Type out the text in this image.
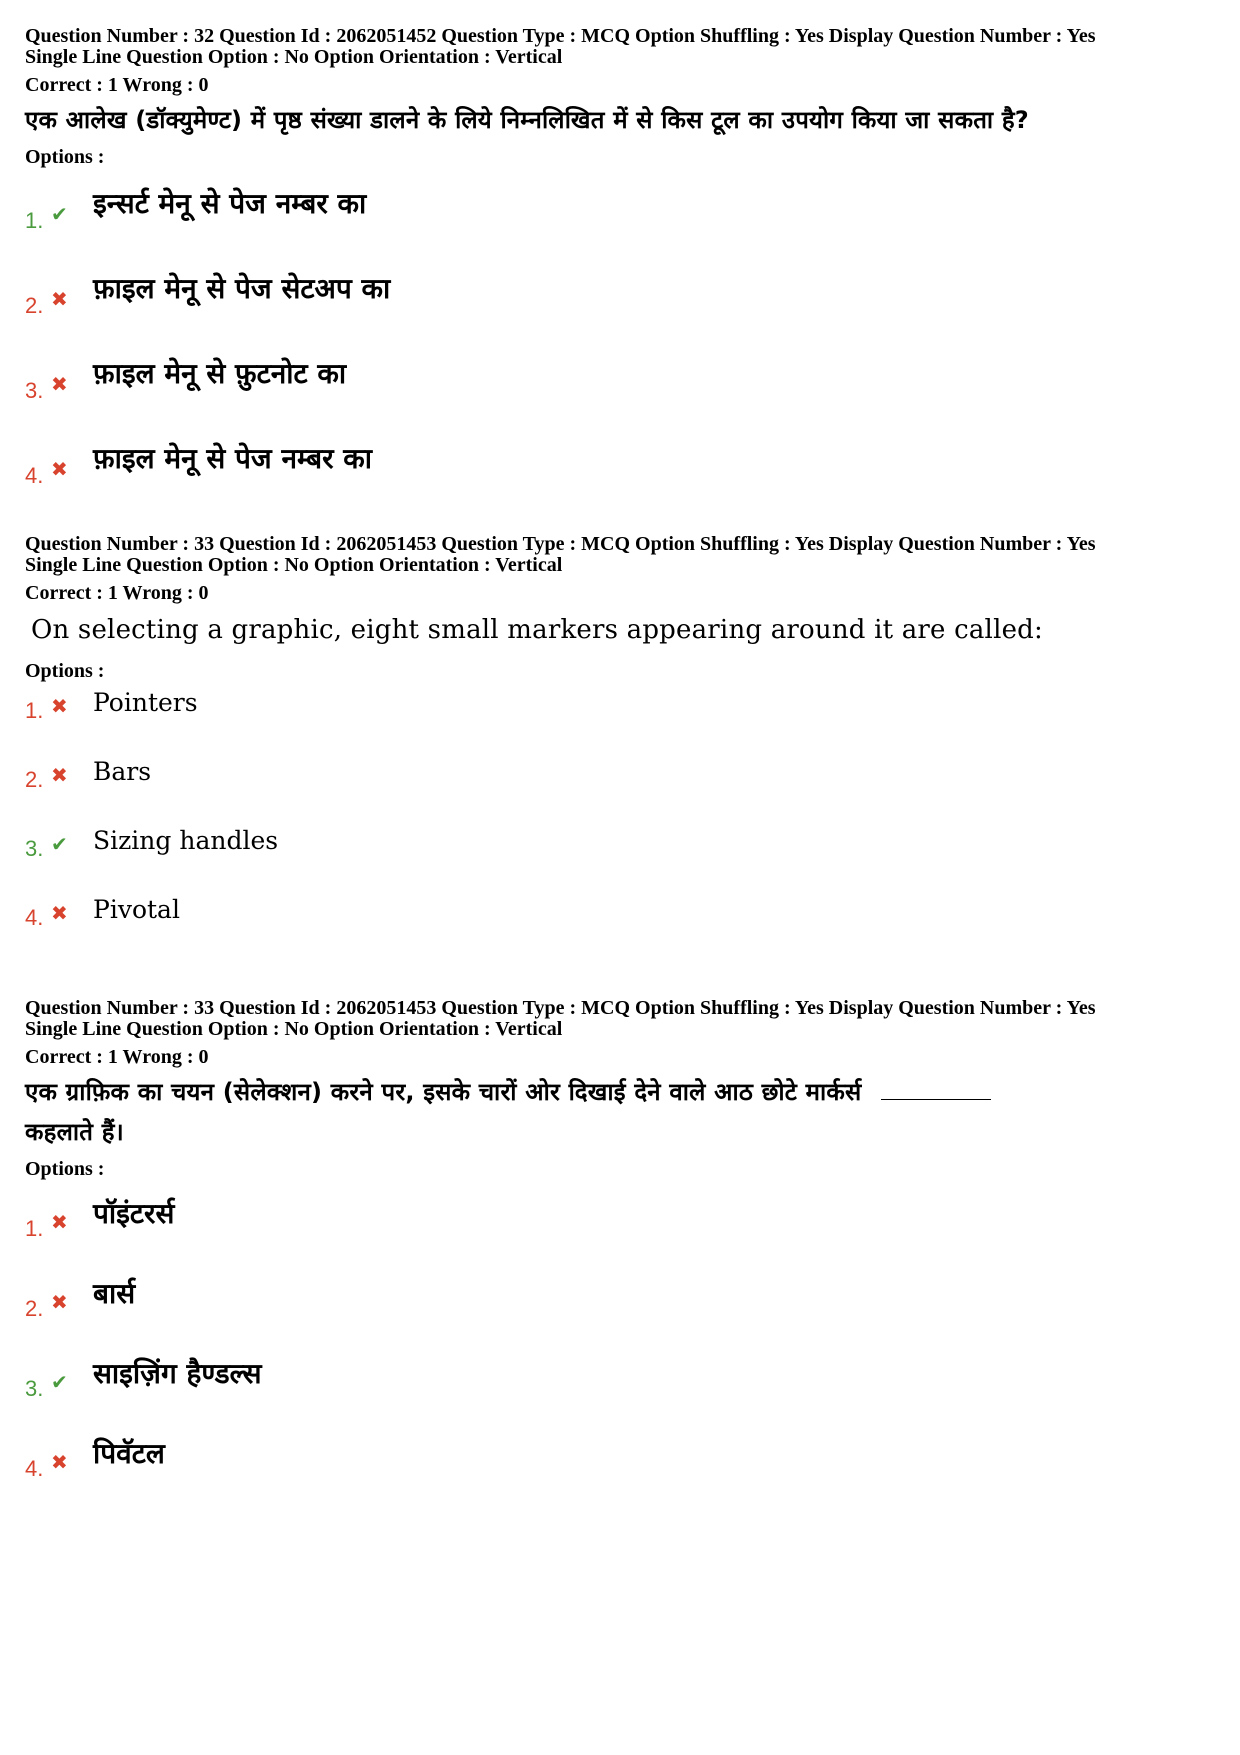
Question Number : 32 Question Id : 2062051452 Question Type : MCQ Option Shuffling : Yes Display Question Number : Yes
Single Line Question Option : No Option Orientation : Vertical
Correct : 1 Wrong : 0
एक आलेख (डॉक्युमेण्ट) में पृष्ठ संख्या डालने के लिये निम्नलिखित में से किस टूल का उपयोग किया जा सकता है?
Options :
1. ✔ इन्सर्ट मेनू से पेज नम्बर का
2. ✖ फ़ाइल मेनू से पेज सेटअप का
3. ✖ फ़ाइल मेनू से फ़ुटनोट का
4. ✖ फ़ाइल मेनू से पेज नम्बर का
Question Number : 33 Question Id : 2062051453 Question Type : MCQ Option Shuffling : Yes Display Question Number : Yes
Single Line Question Option : No Option Orientation : Vertical
Correct : 1 Wrong : 0
On selecting a graphic, eight small markers appearing around it are called:
Options :
1. ✖ Pointers
2. ✖ Bars
3. ✔ Sizing handles
4. ✖ Pivotal
Question Number : 33 Question Id : 2062051453 Question Type : MCQ Option Shuffling : Yes Display Question Number : Yes
Single Line Question Option : No Option Orientation : Vertical
Correct : 1 Wrong : 0
एक ग्राफ़िक का चयन (सेलेक्शन) करने पर, इसके चारों ओर दिखाई देने वाले आठ छोटे मार्कर्स
कहलाते हैं।
Options :
1. ✖ पॉइंटरर्स
2. ✖ बार्स
3. ✔ साइज़िंग हैण्डल्स
4. ✖ पिवॅटल
